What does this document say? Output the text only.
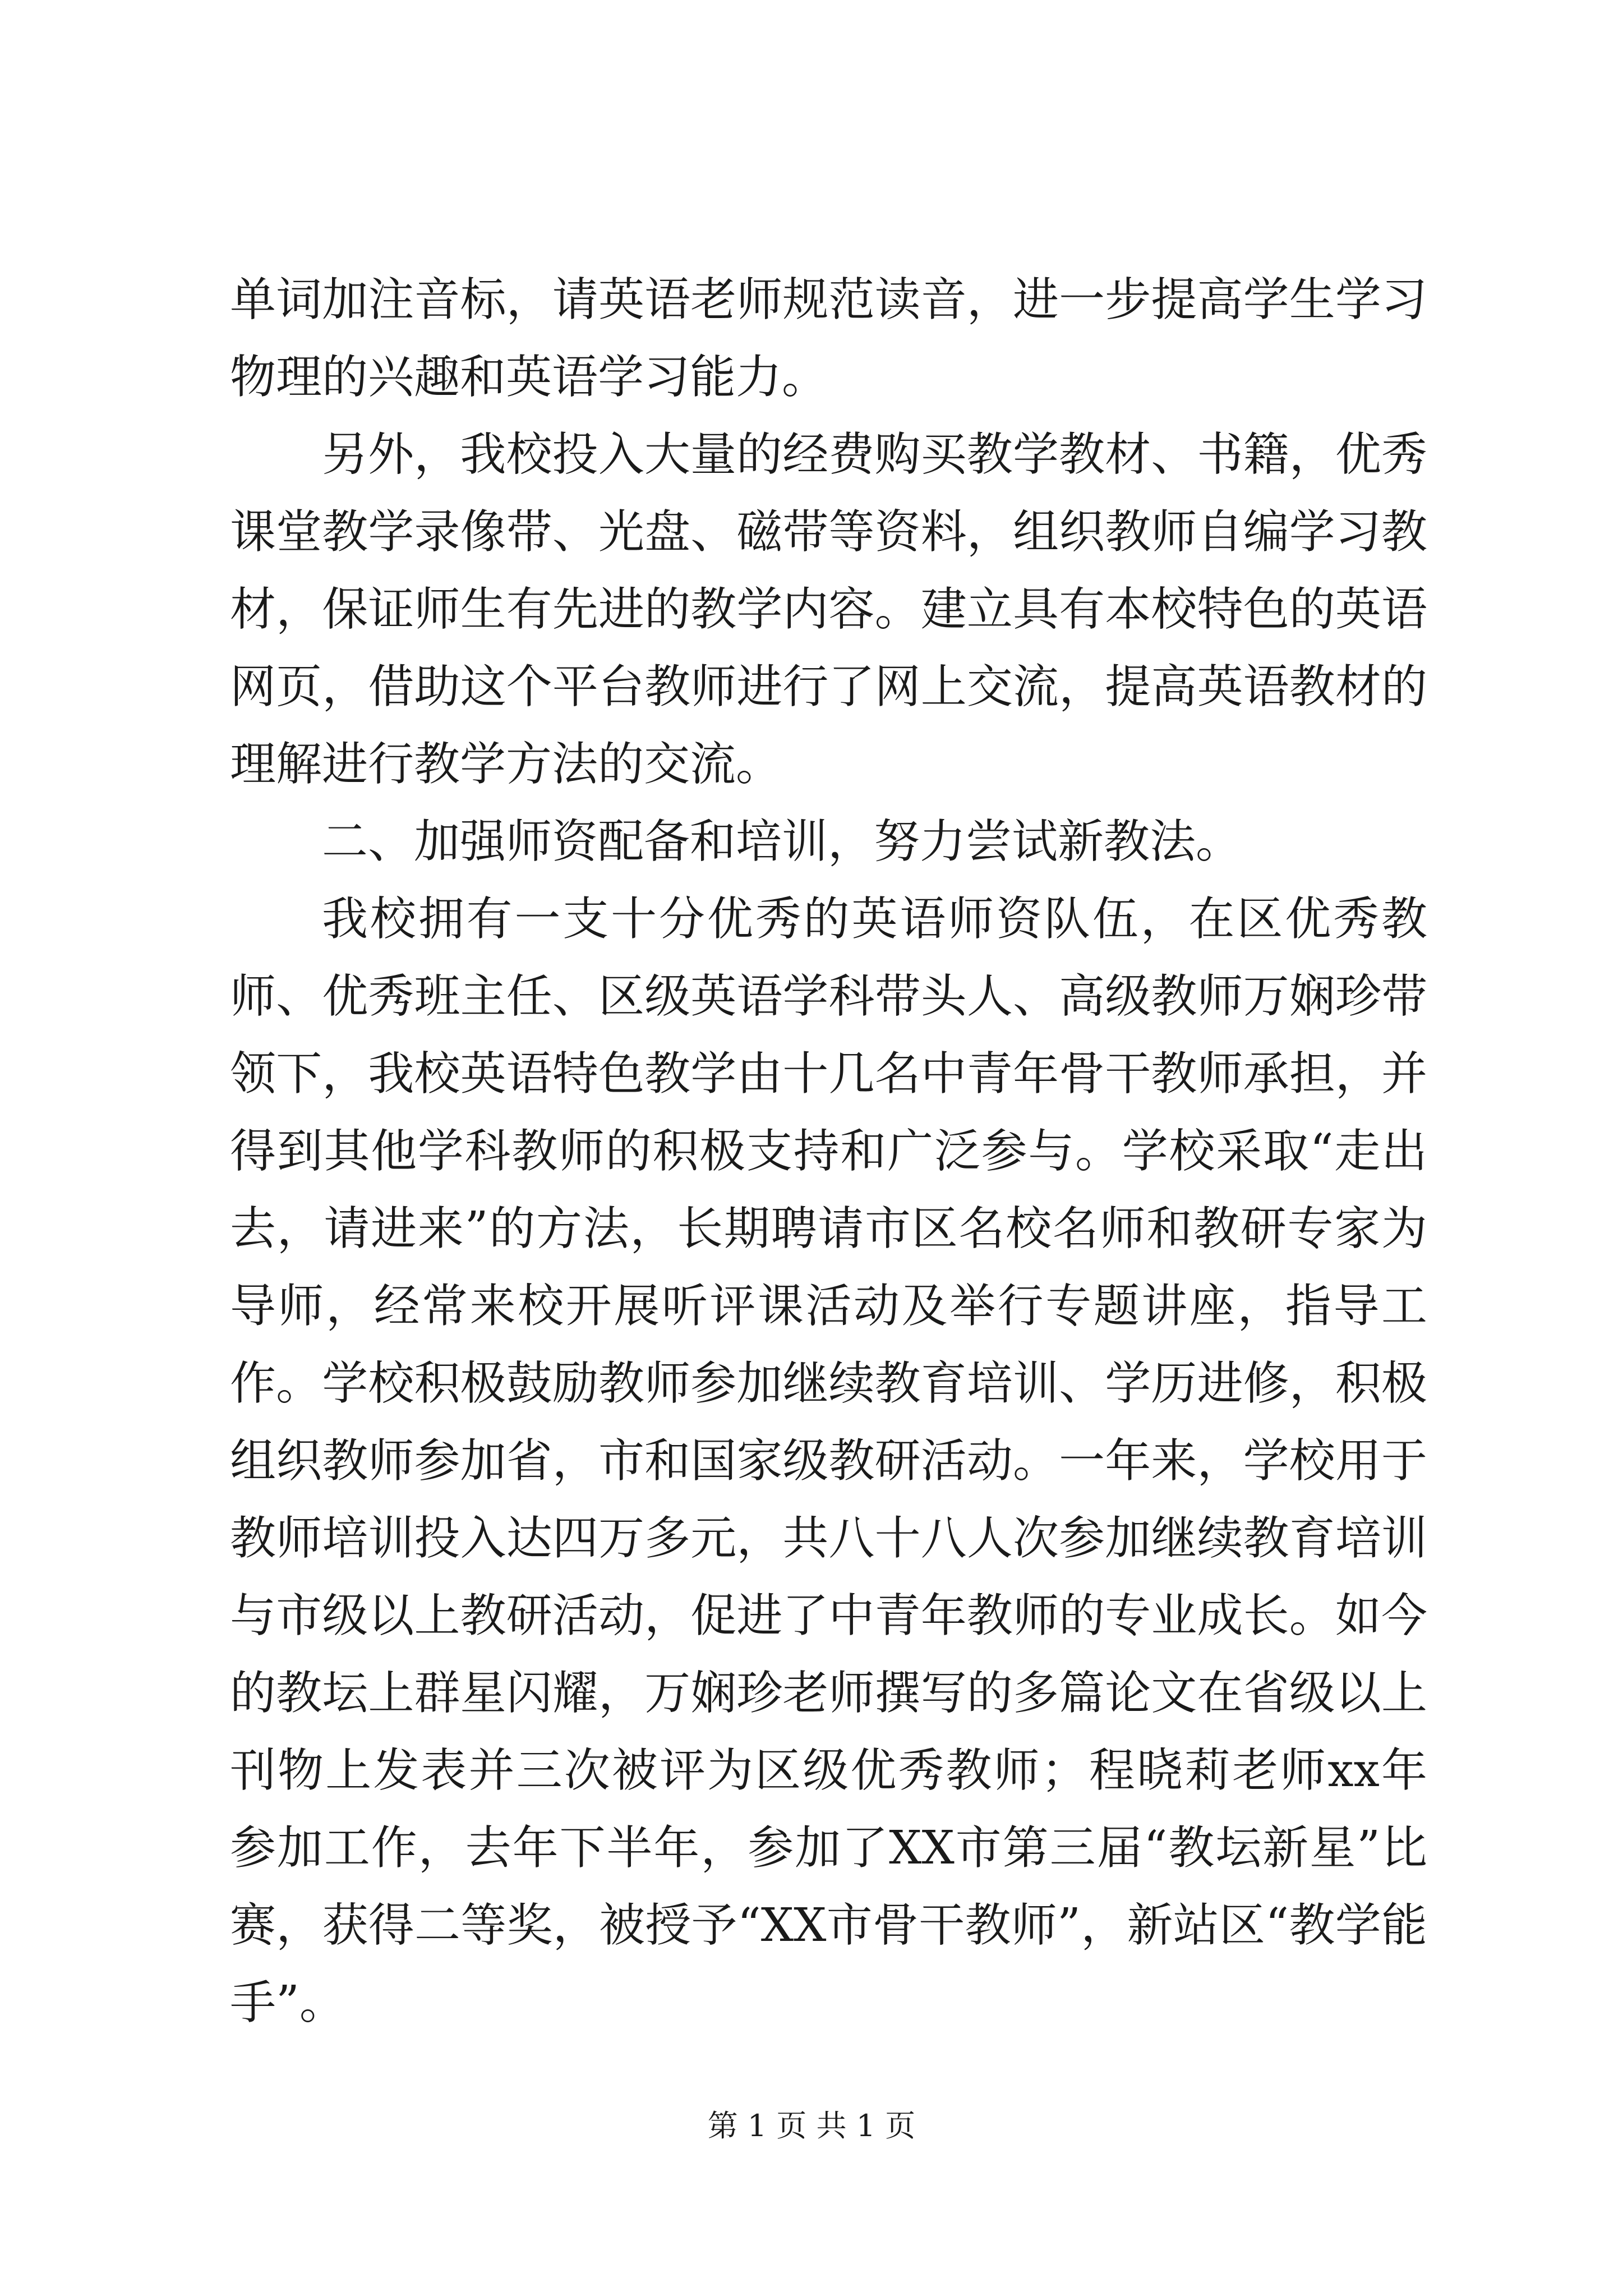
单词加注音标，请英语老师规范读音，进一步提高学生学习物理的兴趣和英语学习能力。

另外，我校投入大量的经费购买教学教材、书籍，优秀课堂教学录像带、光盘、磁带等资料，组织教师自编学习教材，保证师生有先进的教学内容。建立具有本校特色的英语网页，借助这个平台教师进行了网上交流，提高英语教材的理解进行教学方法的交流。

二、加强师资配备和培训，努力尝试新教法。

我校拥有一支十分优秀的英语师资队伍，在区优秀教师、优秀班主任、区级英语学科带头人、高级教师万娴珍带领下，我校英语特色教学由十几名中青年骨干教师承担，并得到其他学科教师的积极支持和广泛参与。学校采取“走出去，请进来”的方法，长期聘请市区名校名师和教研专家为导师，经常来校开展听评课活动及举行专题讲座，指导工作。学校积极鼓励教师参加继续教育培训、学历进修，积极组织教师参加省，市和国家级教研活动。一年来，学校用于教师培训投入达四万多元，共八十八人次参加继续教育培训与市级以上教研活动，促进了中青年教师的专业成长。如今的教坛上群星闪耀，万娴珍老师撰写的多篇论文在省级以上刊物上发表并三次被评为区级优秀教师；程晓莉老师xx年参加工作，去年下半年，参加了XX市第三届“教坛新星”比赛，获得二等奖，被授予“XX市骨干教师”，新站区“教学能手”。

第 1 页 共 1 页
